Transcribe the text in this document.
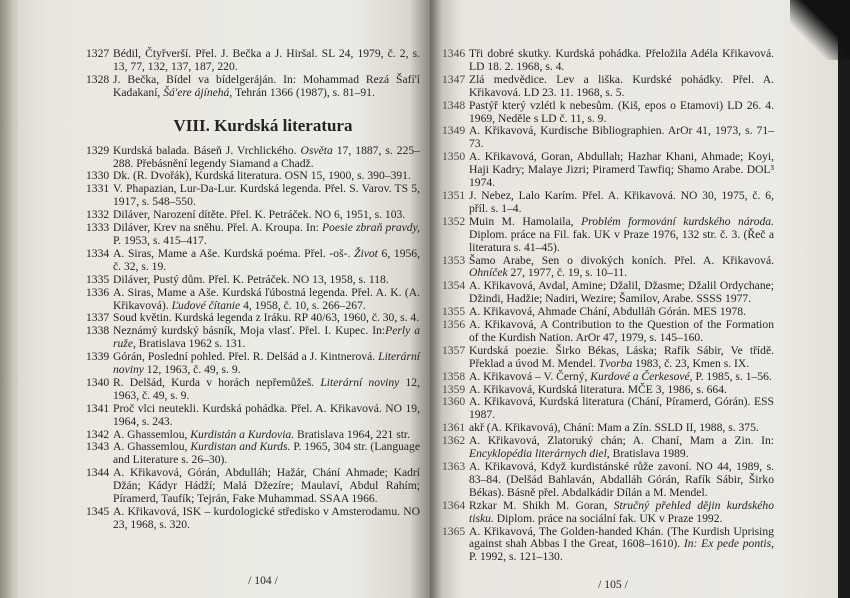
1327 Bédil, Čtyřverší. Přel. J. Bečka a J. Hiršal. SL 24, 1979, č. 2, s. 13, 77, 132, 137, 187, 220.
1328 J. Bečka, Bídel va bídelgeráján. In: Mohammad Rezá Šafí'í Kadakaní, Šá'ere ájínehá, Tehrán 1366 (1987), s. 81–91.
VIII. Kurdská literatura
1329 Kurdská balada. Báseň J. Vrchlického. Osvěta 17, 1887, s. 225–288. Přebásnění legendy Siamand a Chadž.
1330 Dk. (R. Dvořák), Kurdská literatura. OSN 15, 1900, s. 390–391.
1331 V. Phapazian, Lur-Da-Lur. Kurdská legenda. Přel. S. Varov. TS 5, 1917, s. 548–550.
1332 Diláver, Narození dítěte. Přel. K. Petráček. NO 6, 1951, s. 103.
1333 Diláver, Krev na sněhu. Přel. A. Kroupa. In: Poesie zbraň pravdy, P. 1953, s. 415–417.
1334 A. Siras, Mame a Aše. Kurdská poéma. Přel. -oš-. Život 6, 1956, č. 32, s. 19.
1335 Diláver, Pustý dům. Přel. K. Petráček. NO 13, 1958, s. 118.
1336 A. Siras, Mame a Aše. Kurdská ľúbostná legenda. Přel. A. K. (A. Křikavová). Ľudové čítanie 4, 1958, č. 10, s. 266–267.
1337 Soud květin. Kurdská legenda z Iráku. RP 40/63, 1960, č. 30, s. 4.
1338 Neznámý kurdský básník, Moja vlasť. Přel. I. Kupec. In:Perly a ruže, Bratislava 1962 s. 131.
1339 Górán, Poslední pohled. Přel. R. Delšád a J. Kintnerová. Literární noviny 12, 1963, č. 49, s. 9.
1340 R. Delšád, Kurda v horách nepřemůžeš. Literární noviny 12, 1963, č. 49, s. 9.
1341 Proč vlci neutekli. Kurdská pohádka. Přel. A. Křikavová. NO 19, 1964, s. 243.
1342 A. Ghassemlou, Kurdistán a Kurdovia. Bratislava 1964, 221 str.
1343 A. Ghassemlou, Kurdistan and Kurds. P. 1965, 304 str. (Language and Literature s. 26–30).
1344 A. Křikavová, Górán, Abdulláh; Hažár, Chání Ahmade; Kadrí Džán; Kádyr Hádží; Malá Džezíre; Maulaví, Abdul Rahím; Píramerd, Taufík; Tejrán, Fake Muhammad. SSAA 1966.
1345 A. Křikavová, ISK – kurdologické středisko v Amsterodamu. NO 23, 1968, s. 320.
/ 104 /
1346 Tři dobré skutky. Kurdská pohádka. Přeložila Adéla Křikavová. LD 18. 2. 1968, s. 4.
1347 Zlá medvědice. Lev a liška. Kurdské pohádky. Přel. A. Křikavová. LD 23. 11. 1968, s. 5.
1348 Pastýř který vzlétl k nebesům. (Kiš, epos o Etamovi) LD 26. 4. 1969, Neděle s LD č. 11, s. 9.
1349 A. Křikavová, Kurdische Bibliographien. ArOr 41, 1973, s. 71–73.
1350 A. Křikavová, Goran, Abdullah; Hazhar Khani, Ahmade; Koyi, Haji Kadry; Malaye Jizri; Piramerd Tawfiq; Shamo Arabe. DOL³ 1974.
1351 J. Nebez, Lalo Karím. Přel. A. Křikavová. NO 30, 1975, č. 6, příl. s. 1–4.
1352 Muin M. Hamolaila, Problém formování kurdského národa. Diplom. práce na Fil. fak. UK v Praze 1976, 132 str. č. 3. (Řeč a literatura s. 41–45).
1353 Šamo Arabe, Sen o divokých koních. Přel. A. Křikavová. Ohníček 27, 1977, č. 19, s. 10–11.
1354 A. Křikavová, Avdal, Amine; Džalil, Džasme; Džalil Ordychane; Džindi, Hadžie; Nadiri, Wezire; Šamilov, Arabe. SSSS 1977.
1355 A. Křikavová, Ahmade Chání, Abdulláh Górán. MES 1978.
1356 A. Křikavová, A Contribution to the Question of the Formation of the Kurdish Nation. ArOr 47, 1979, s. 145–160.
1357 Kurdská poezie. Širko Békas, Láska; Rafík Sábir, Ve třídě. Překlad a úvod M. Mendel. Tvorba 1983, č. 23, Kmen s. IX.
1358 A. Křikavová – V. Černý, Kurdové a Čerkesové, P. 1985, s. 1–56.
1359 A. Křikavová, Kurdská literatura. MČE 3, 1986, s. 664.
1360 A. Křikavová, Kurdská literatura (Chání, Píramerd, Górán). ESS 1987.
1361 akř (A. Křikavová), Chání: Mam a Zín. SSLD II, 1988, s. 375.
1362 A. Křikavová, Zlatoruký chán; A. Chaní, Mam a Zin. In: Encyklopédia literárnych diel, Bratislava 1989.
1363 A. Křikavová, Když kurdistánské růže zavoní. NO 44, 1989, s. 83–84. (Delšád Bahlaván, Abdalláh Górán, Rafík Sábir, Širko Békas). Básně přel. Abdalkádir Dílán a M. Mendel.
1364 Rzkar M. Shikh M. Goran, Stručný přehled dějin kurdského tisku. Diplom. práce na sociální fak. UK v Praze 1992.
1365 A. Křikavová, The Golden-handed Khán. (The Kurdish Uprising against shah Abbas I the Great, 1608–1610). In: Ex pede pontis, P. 1992, s. 121–130.
/ 105 /
